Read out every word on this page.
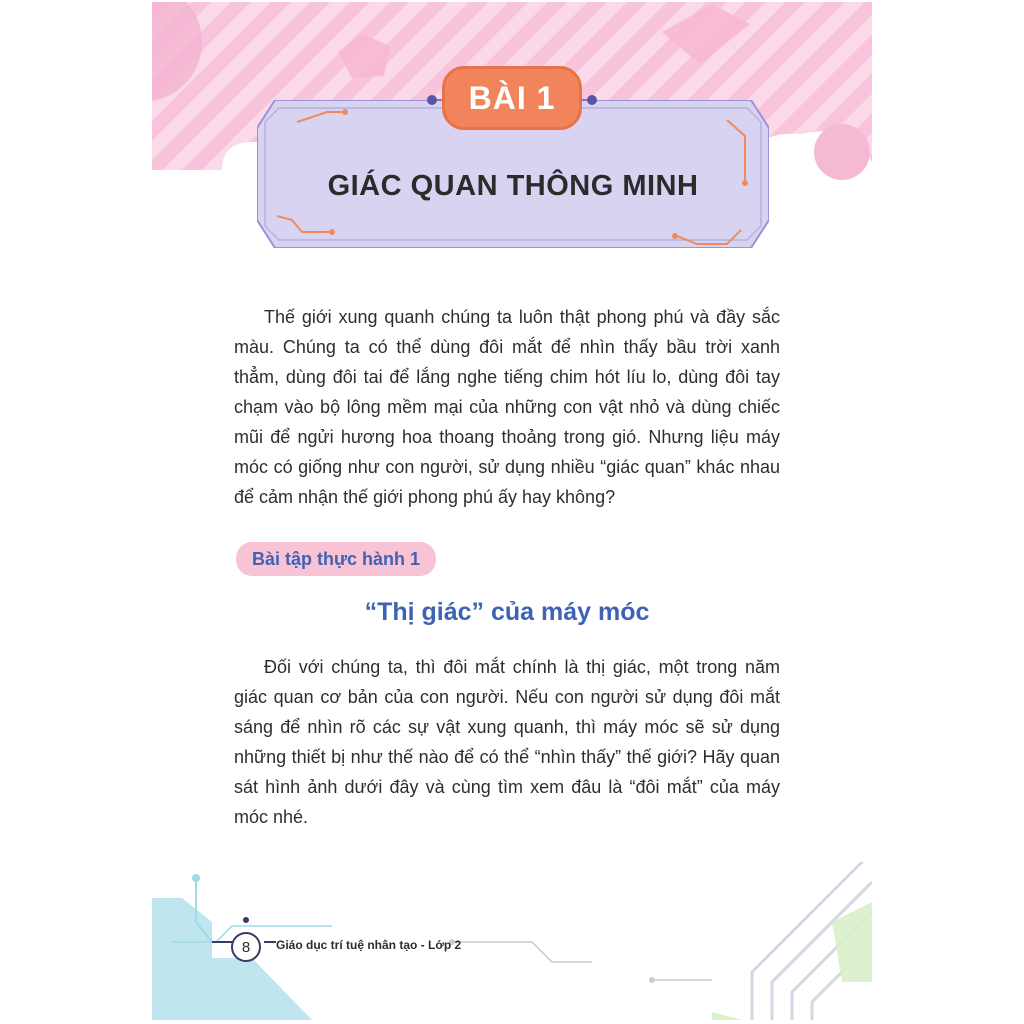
BÀI 1
GIÁC QUAN THÔNG MINH

Thế giới xung quanh chúng ta luôn thật phong phú và đầy sắc màu. Chúng ta có thể dùng đôi mắt để nhìn thấy bầu trời xanh thẳm, dùng đôi tai để lắng nghe tiếng chim hót líu lo, dùng đôi tay chạm vào bộ lông mềm mại của những con vật nhỏ và dùng chiếc mũi để ngửi hương hoa thoang thoảng trong gió. Nhưng liệu máy móc có giống như con người, sử dụng nhiều “giác quan” khác nhau để cảm nhận thế giới phong phú ấy hay không?

Bài tập thực hành 1
“Thị giác” của máy móc

Đối với chúng ta, thì đôi mắt chính là thị giác, một trong năm giác quan cơ bản của con người. Nếu con người sử dụng đôi mắt sáng để nhìn rõ các sự vật xung quanh, thì máy móc sẽ sử dụng những thiết bị như thế nào để có thể “nhìn thấy” thế giới? Hãy quan sát hình ảnh dưới đây và cùng tìm xem đâu là “đôi mắt” của máy móc nhé.

8	Giáo dục trí tuệ nhân tạo - Lớp 2
